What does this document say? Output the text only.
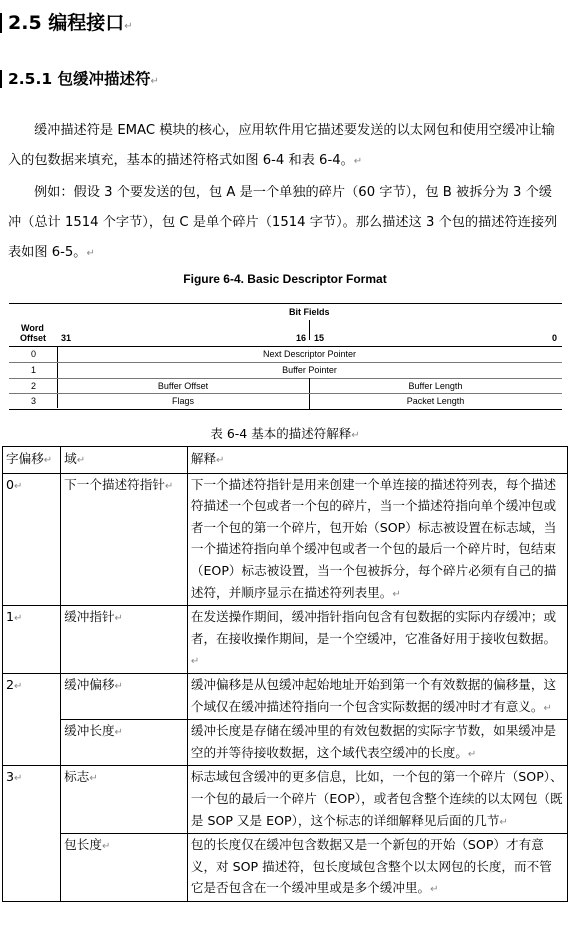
2.5 编程接口↵
2.5.1 包缓冲描述符↵
缓冲描述符是 EMAC 模块的核心，应用软件用它描述要发送的以太网包和使用空缓冲让输入的包数据来填充，基本的描述符格式如图 6-4 和表 6-4。↵
例如：假设 3 个要发送的包，包 A 是一个单独的碎片（60 字节），包 B 被拆分为 3 个缓冲（总计 1514 个字节），包 C 是单个碎片（1514 字节）。那么描述这 3 个包的描述符连接列表如图 6-5。↵
Figure 6-4. Basic Descriptor Format
Bit Fields
Word
Offset 31	16 15	0
0	Next Descriptor Pointer
1	Buffer Pointer
2	Buffer Offset	Buffer Length
3	Flags	Packet Length
表 6-4 基本的描述符解释↵
字偏移↵	域↵	解释↵
0↵	下一个描述符指针↵	下一个描述符指针是用来创建一个单连接的描述符列表，每个描述符描述一个包或者一个包的碎片，当一个描述符指向单个缓冲包或者一个包的第一个碎片，包开始（SOP）标志被设置在标志域，当一个描述符指向单个缓冲包或者一个包的最后一个碎片时，包结束（EOP）标志被设置，当一个包被拆分，每个碎片必须有自己的描述符，并顺序显示在描述符列表里。↵
1↵	缓冲指针↵	在发送操作期间，缓冲指针指向包含有包数据的实际内存缓冲；或者，在接收操作期间，是一个空缓冲，它准备好用于接收包数据。↵
2↵	缓冲偏移↵	缓冲偏移是从包缓冲起始地址开始到第一个有效数据的偏移量，这个域仅在缓冲描述符指向一个包含实际数据的缓冲时才有意义。↵
	缓冲长度↵	缓冲长度是存储在缓冲里的有效包数据的实际字节数，如果缓冲是空的并等待接收数据，这个域代表空缓冲的长度。↵
3↵	标志↵	标志域包含缓冲的更多信息，比如，一个包的第一个碎片（SOP）、一个包的最后一个碎片（EOP），或者包含整个连续的以太网包（既是 SOP 又是 EOP），这个标志的详细解释见后面的几节↵
	包长度↵	包的长度仅在缓冲包含数据又是一个新包的开始（SOP）才有意义，对 SOP 描述符，包长度域包含整个以太网包的长度，而不管它是否包含在一个缓冲里或是多个缓冲里。↵
